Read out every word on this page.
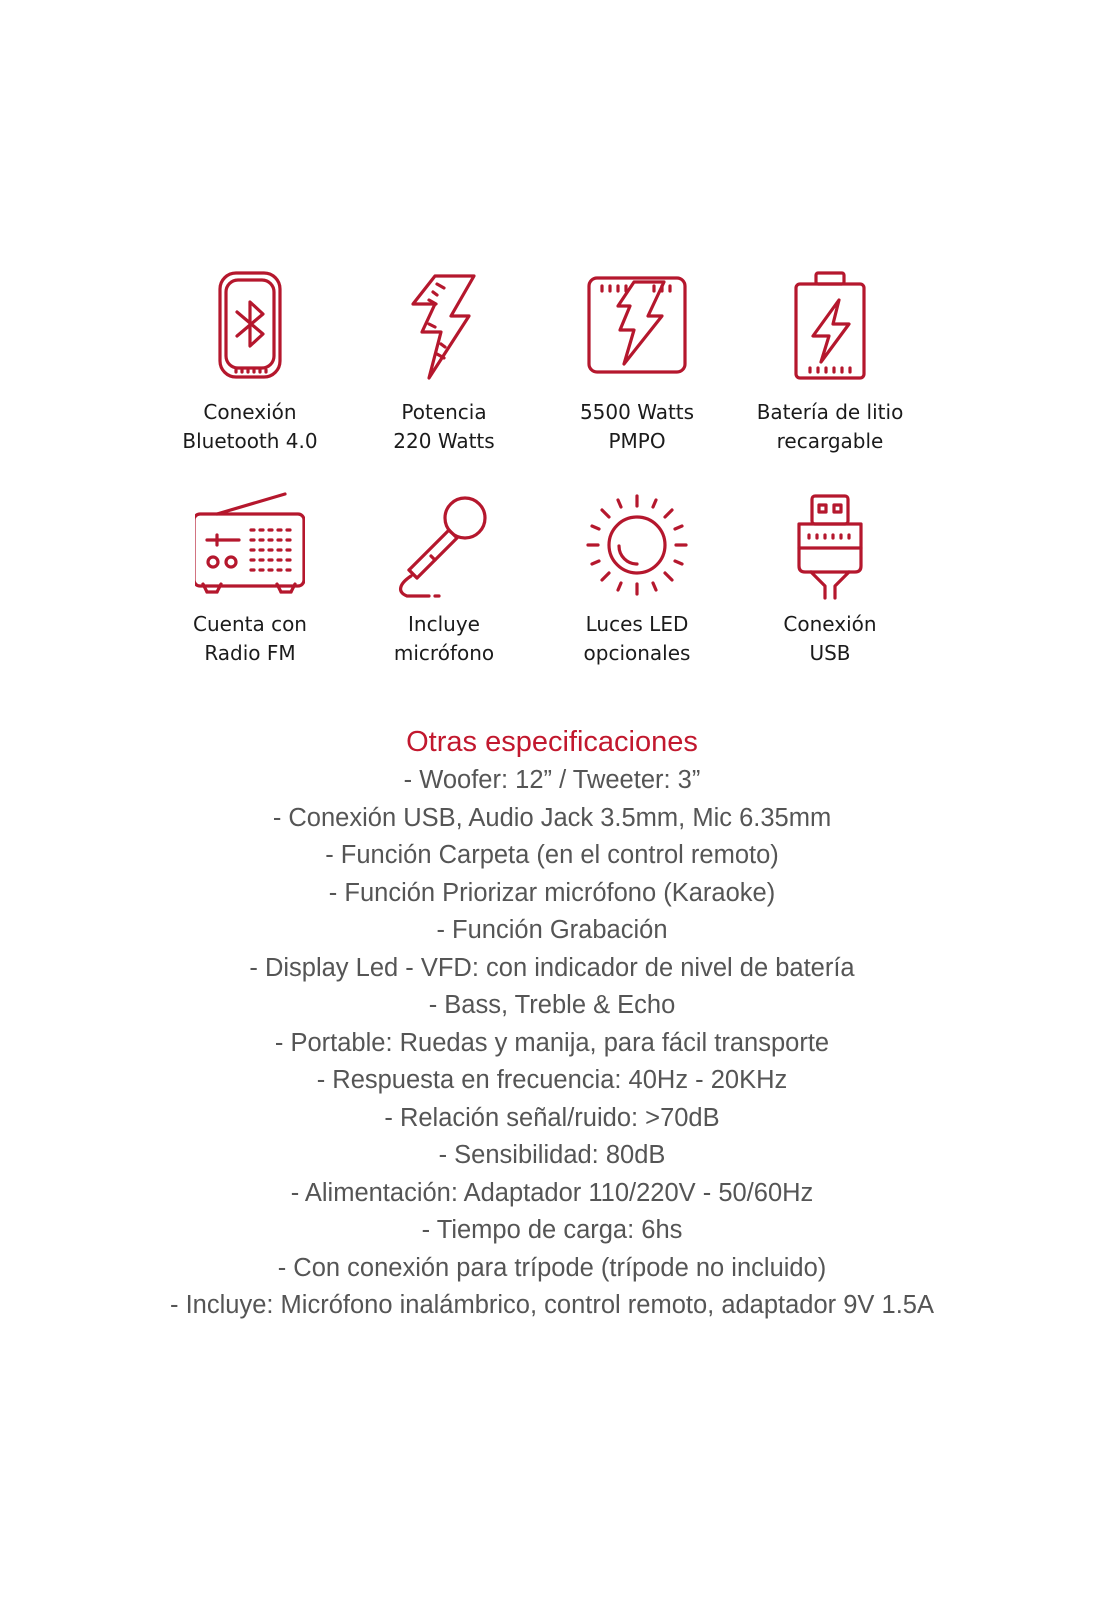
Conexión
Bluetooth 4.0
Potencia
220 Watts
5500 Watts
PMPO
Batería de litio
recargable
Cuenta con
Radio FM
Incluye
micrófono
Luces LED
opcionales
Conexión
USB
Otras especificaciones
- Woofer: 12” / Tweeter: 3”
- Conexión USB, Audio Jack 3.5mm, Mic 6.35mm
- Función Carpeta (en el control remoto)
- Función Priorizar micrófono (Karaoke)
- Función Grabación
- Display Led - VFD: con indicador de nivel de batería
- Bass, Treble & Echo
- Portable: Ruedas y manija, para fácil transporte
- Respuesta en frecuencia: 40Hz - 20KHz
- Relación señal/ruido: >70dB
- Sensibilidad: 80dB
- Alimentación: Adaptador 110/220V - 50/60Hz
- Tiempo de carga: 6hs
- Con conexión para trípode (trípode no incluido)
- Incluye: Micrófono inalámbrico, control remoto, adaptador 9V 1.5A
